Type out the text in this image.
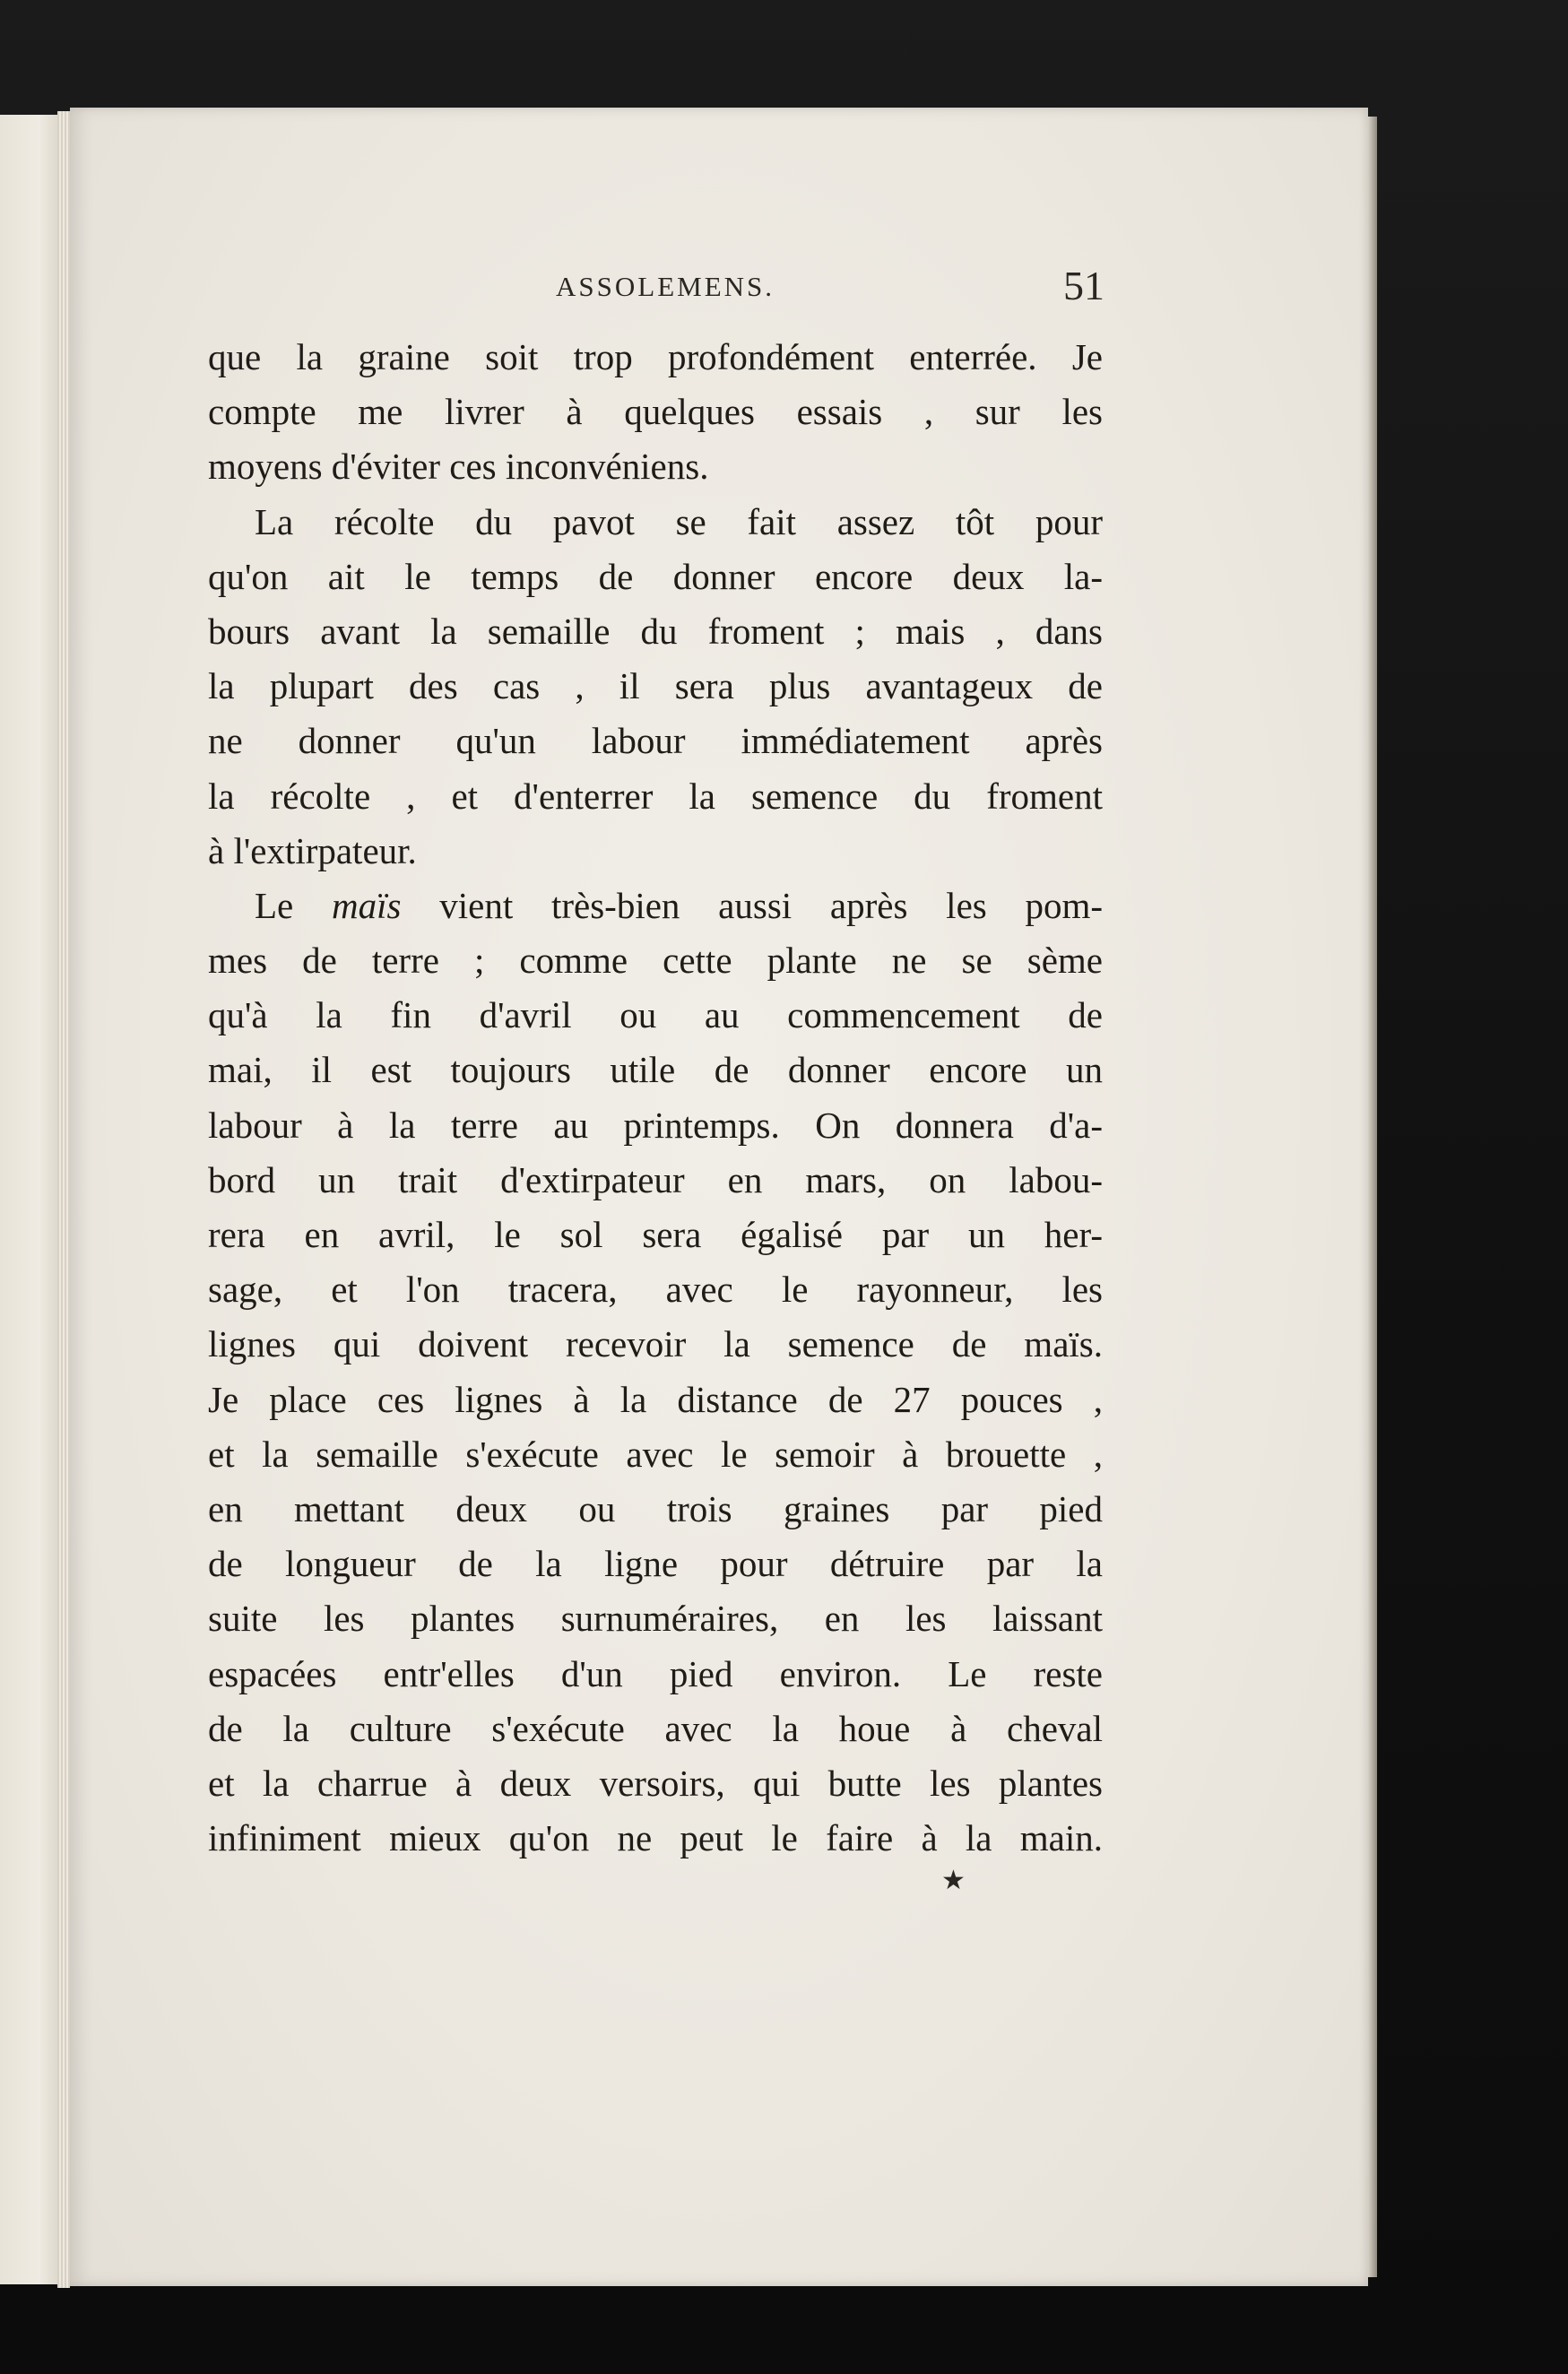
ASSOLEMENS.	51
que la graine soit trop profondément enterrée. Je
compte me livrer à quelques essais , sur les
moyens d'éviter ces inconvéniens.
La récolte du pavot se fait assez tôt pour
qu'on ait le temps de donner encore deux la-
bours avant la semaille du froment ; mais , dans
la plupart des cas , il sera plus avantageux de
ne donner qu'un labour immédiatement après
la récolte , et d'enterrer la semence du froment
à l'extirpateur.
Le maïs vient très-bien aussi après les pom-
mes de terre ; comme cette plante ne se sème
qu'à la fin d'avril ou au commencement de
mai, il est toujours utile de donner encore un
labour à la terre au printemps. On donnera d'a-
bord un trait d'extirpateur en mars, on labou-
rera en avril, le sol sera égalisé par un her-
sage, et l'on tracera, avec le rayonneur, les
lignes qui doivent recevoir la semence de maïs.
Je place ces lignes à la distance de 27 pouces ,
et la semaille s'exécute avec le semoir à brouette ,
en mettant deux ou trois graines par pied
de longueur de la ligne pour détruire par la
suite les plantes surnuméraires, en les laissant
espacées entr'elles d'un pied environ. Le reste
de la culture s'exécute avec la houe à cheval
et la charrue à deux versoirs, qui butte les plantes
infiniment mieux qu'on ne peut le faire à la main.
★
